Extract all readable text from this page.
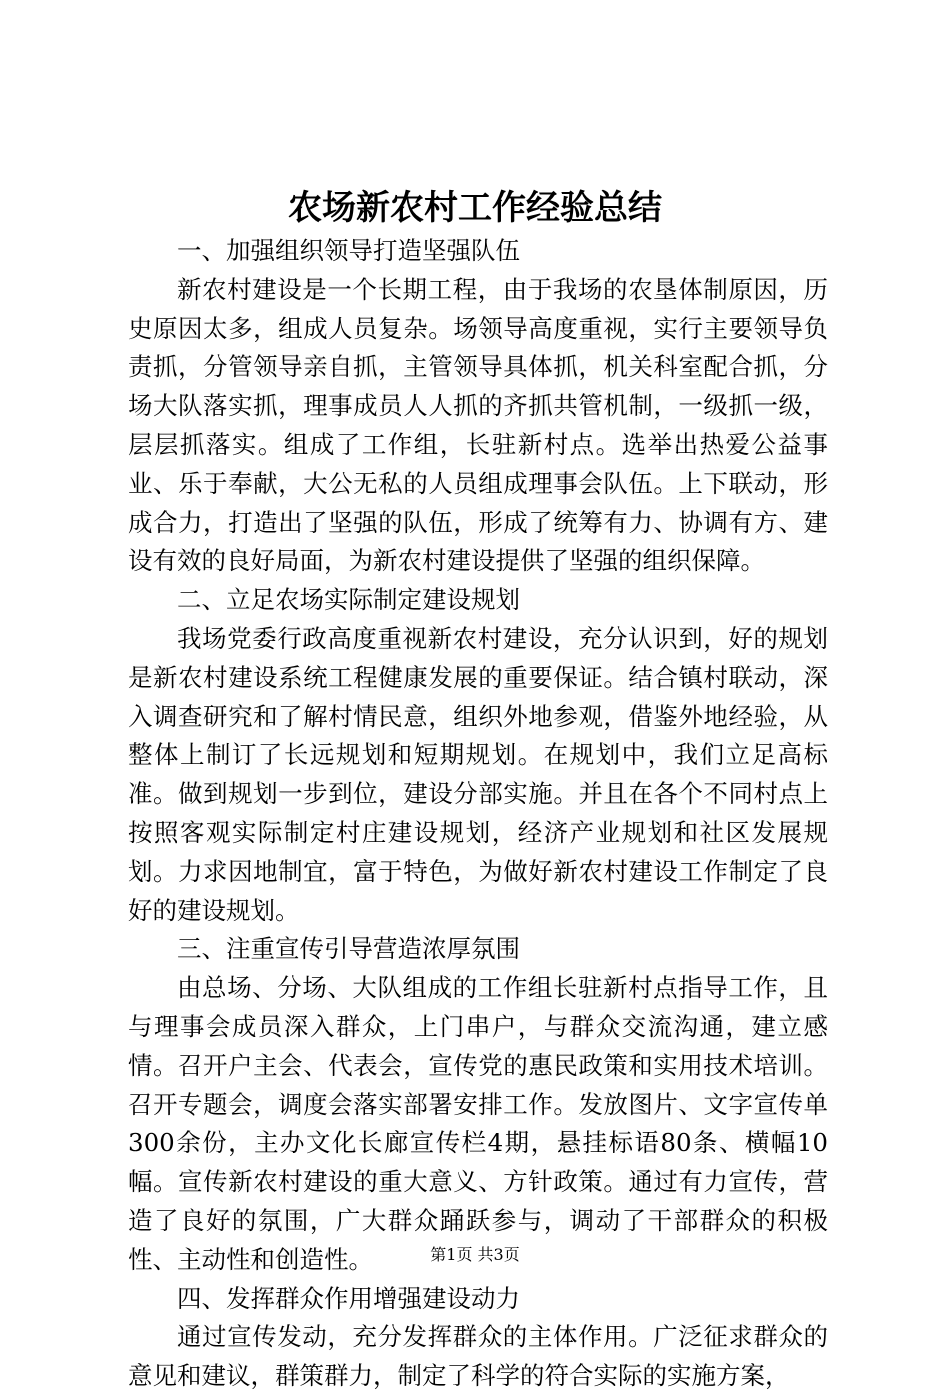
农场新农村工作经验总结
一、加强组织领导打造坚强队伍

新农村建设是一个长期工程，由于我场的农垦体制原因，历史原因太多，组成人员复杂。场领导高度重视，实行主要领导负责抓，分管领导亲自抓，主管领导具体抓，机关科室配合抓，分场大队落实抓，理事成员人人抓的齐抓共管机制，一级抓一级，层层抓落实。组成了工作组，长驻新村点。选举出热爱公益事业、乐于奉献，大公无私的人员组成理事会队伍。上下联动，形成合力，打造出了坚强的队伍，形成了统筹有力、协调有方、建设有效的良好局面，为新农村建设提供了坚强的组织保障。

二、立足农场实际制定建设规划

我场党委行政高度重视新农村建设，充分认识到，好的规划是新农村建设系统工程健康发展的重要保证。结合镇村联动，深入调查研究和了解村情民意，组织外地参观，借鉴外地经验，从整体上制订了长远规划和短期规划。在规划中，我们立足高标准。做到规划一步到位，建设分部实施。并且在各个不同村点上按照客观实际制定村庄建设规划，经济产业规划和社区发展规划。力求因地制宜，富于特色，为做好新农村建设工作制定了良好的建设规划。

三、注重宣传引导营造浓厚氛围

由总场、分场、大队组成的工作组长驻新村点指导工作，且与理事会成员深入群众，上门串户，与群众交流沟通，建立感情。召开户主会、代表会，宣传党的惠民政策和实用技术培训。召开专题会，调度会落实部署安排工作。发放图片、文字宣传单300余份，主办文化长廊宣传栏4期，悬挂标语80条、横幅10幅。宣传新农村建设的重大意义、方针政策。通过有力宣传，营造了良好的氛围，广大群众踊跃参与，调动了干部群众的积极性、主动性和创造性。

四、发挥群众作用增强建设动力

通过宣传发动，充分发挥群众的主体作用。广泛征求群众的意见和建议，群策群力，制定了科学的符合实际的实施方案，

第1页 共3页
